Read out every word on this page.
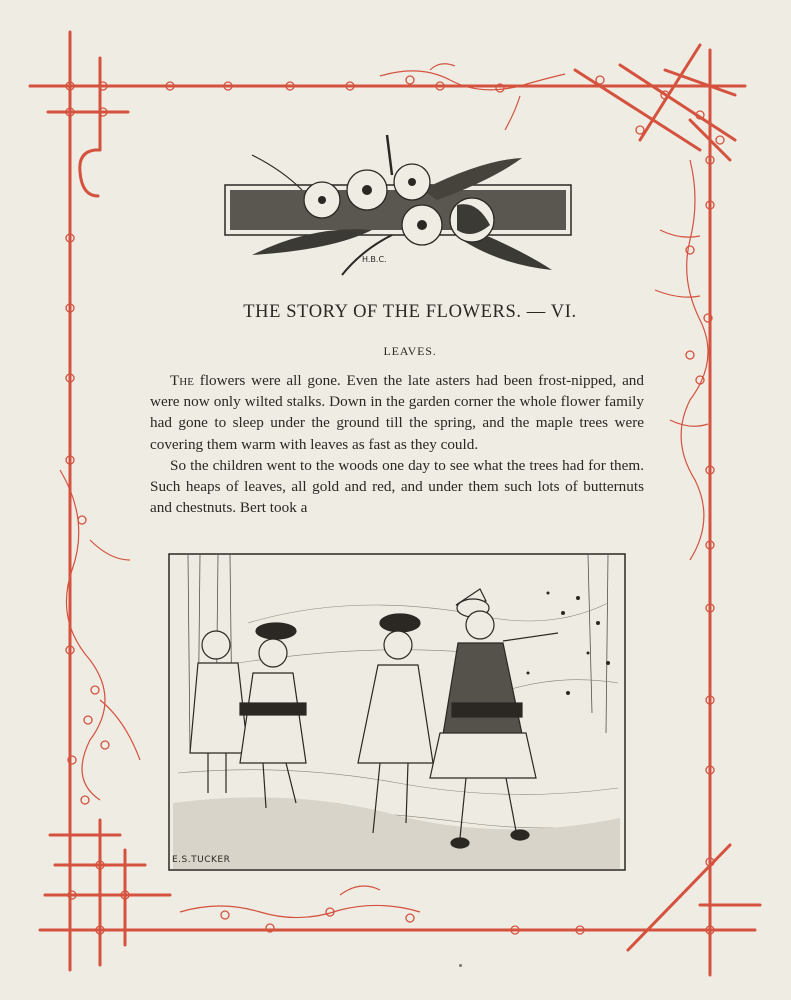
H.B.C.
THE STORY OF THE FLOWERS. — VI.
LEAVES.

The flowers were all gone. Even the late asters had been frost-nipped, and were now only wilted stalks. Down in the garden corner the whole flower family had gone to sleep under the ground till the spring, and the maple trees were covering them warm with leaves as fast as they could.

So the children went to the woods one day to see what the trees had for them. Such heaps of leaves, all gold and red, and under them such lots of butternuts and chestnuts. Bert took a

E.S.TUCKER
